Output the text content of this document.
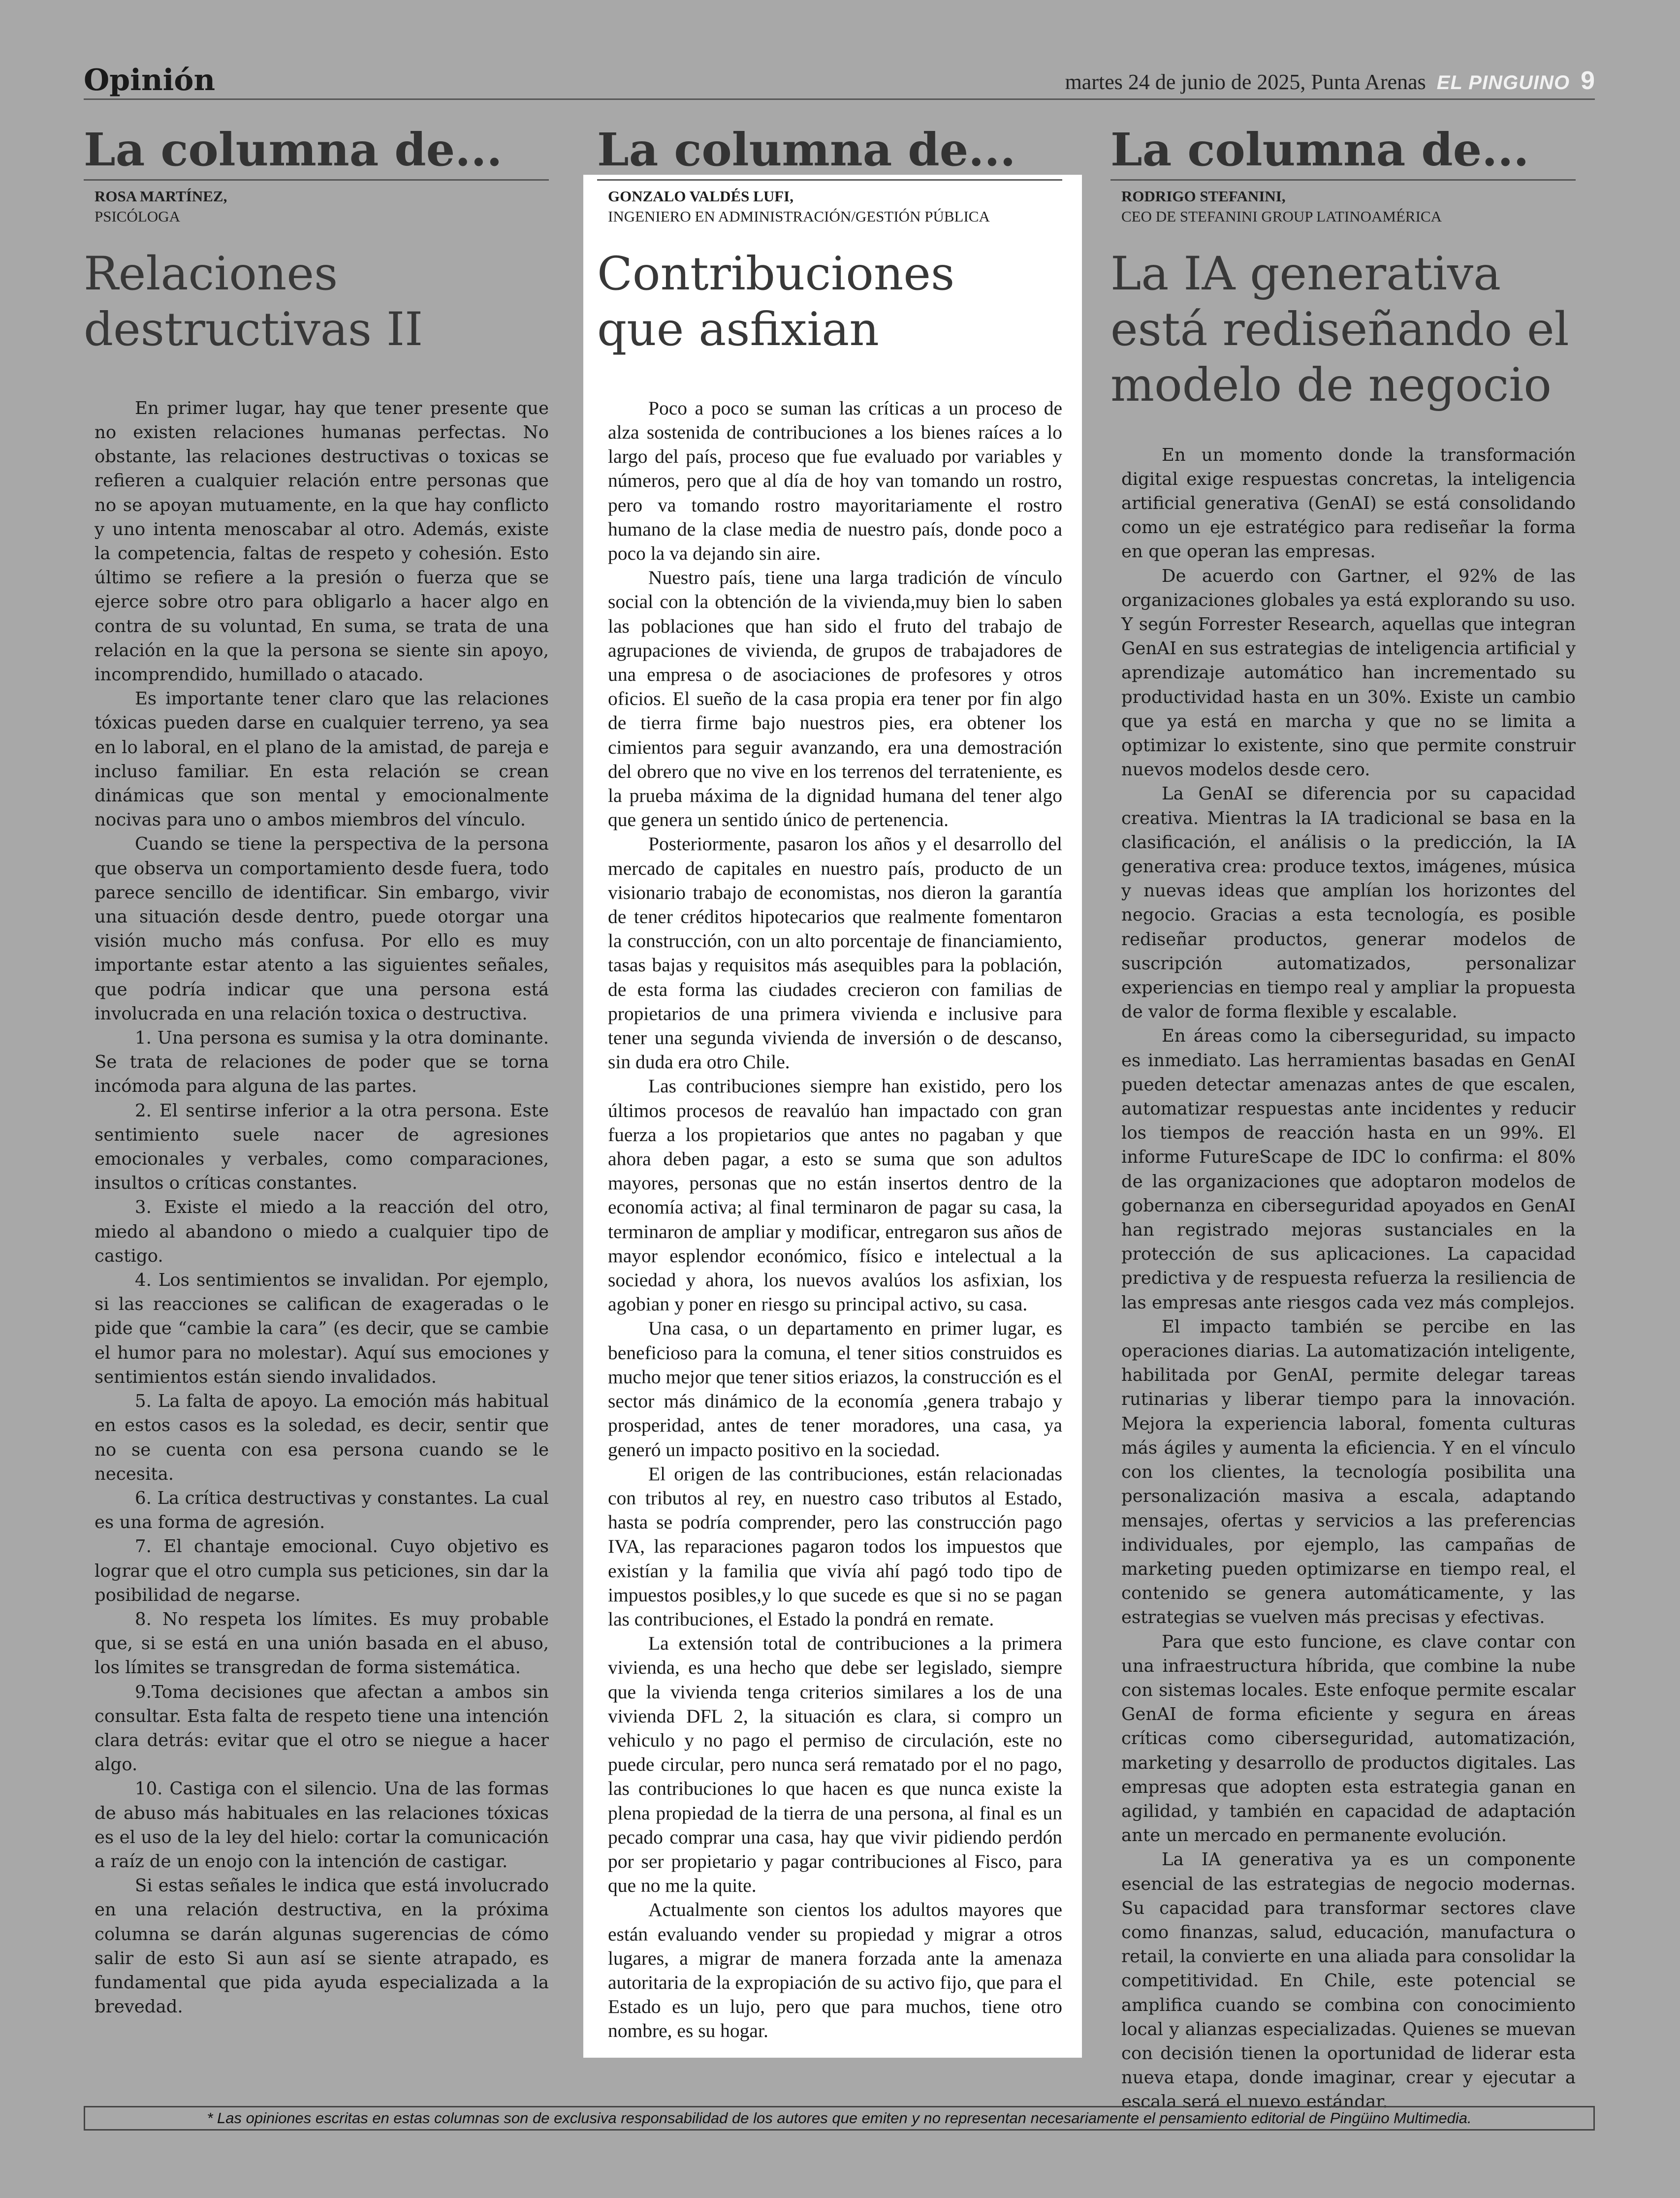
Opinión	martes 24 de junio de 2025, Punta Arenas EL PINGUINO 9
La columna de...
ROSA MARTÍNEZ,
PSICÓLOGA
Relaciones
destructivas II

En primer lugar, hay que tener presente que no existen relaciones humanas perfectas. No obstante, las relaciones destructivas o toxicas se refieren a cualquier relación entre personas que no se apoyan mutuamente, en la que hay conflicto y uno intenta menoscabar al otro. Además, existe la competencia, faltas de respeto y cohesión. Esto último se refiere a la presión o fuerza que se ejerce sobre otro para obligarlo a hacer algo en contra de su voluntad, En suma, se trata de una relación en la que la persona se siente sin apoyo, incomprendido, humillado o atacado.

Es importante tener claro que las relaciones tóxicas pueden darse en cualquier terreno, ya sea en lo laboral, en el plano de la amistad, de pareja e incluso familiar. En esta relación se crean dinámicas que son mental y emocionalmente nocivas para uno o ambos miembros del vínculo.

Cuando se tiene la perspectiva de la persona que observa un comportamiento desde fuera, todo parece sencillo de identificar. Sin embargo, vivir una situación desde dentro, puede otorgar una visión mucho más confusa. Por ello es muy importante estar atento a las siguientes señales, que podría indicar que una persona está involucrada en una relación toxica o destructiva.

1. Una persona es sumisa y la otra dominante. Se trata de relaciones de poder que se torna incómoda para alguna de las partes.

2. El sentirse inferior a la otra persona. Este sentimiento suele nacer de agresiones emocionales y verbales, como comparaciones, insultos o críticas constantes.

3. Existe el miedo a la reacción del otro, miedo al abandono o miedo a cualquier tipo de castigo.

4. Los sentimientos se invalidan. Por ejemplo, si las reacciones se califican de exageradas o le pide que “cambie la cara” (es decir, que se cambie el humor para no molestar). Aquí sus emociones y sentimientos están siendo invalidados.

5. La falta de apoyo. La emoción más habitual en estos casos es la soledad, es decir, sentir que no se cuenta con esa persona cuando se le necesita.

6. La crítica destructivas y constantes. La cual es una forma de agresión.

7. El chantaje emocional. Cuyo objetivo es lograr que el otro cumpla sus peticiones, sin dar la posibilidad de negarse.

8. No respeta los límites. Es muy probable que, si se está en una unión basada en el abuso, los límites se transgredan de forma sistemática.

9.Toma decisiones que afectan a ambos sin consultar. Esta falta de respeto tiene una intención clara detrás: evitar que el otro se niegue a hacer algo.

10. Castiga con el silencio. Una de las formas de abuso más habituales en las relaciones tóxicas es el uso de la ley del hielo: cortar la comunicación a raíz de un enojo con la intención de castigar.

Si estas señales le indica que está involucrado en una relación destructiva, en la próxima columna se darán algunas sugerencias de cómo salir de esto Si aun así se siente atrapado, es fundamental que pida ayuda especializada a la brevedad.

La columna de...
GONZALO VALDÉS LUFI,
INGENIERO EN ADMINISTRACIÓN/GESTIÓN PÚBLICA
Contribuciones
que asfixian

Poco a poco se suman las críticas a un proceso de alza sostenida de contribuciones a los bienes raíces a lo largo del país, proceso que fue evaluado por variables y números, pero que al día de hoy van tomando un rostro, pero va tomando rostro mayoritariamente el rostro humano de la clase media de nuestro país, donde poco a poco la va dejando sin aire.

Nuestro país, tiene una larga tradición de vínculo social con la obtención de la vivienda,muy bien lo saben las poblaciones que han sido el fruto del trabajo de agrupaciones de vivienda, de grupos de trabajadores de una empresa o de asociaciones de profesores y otros oficios. El sueño de la casa propia era tener por fin algo de tierra firme bajo nuestros pies, era obtener los cimientos para seguir avanzando, era una demostración del obrero que no vive en los terrenos del terrateniente, es la prueba máxima de la dignidad humana del tener algo que genera un sentido único de pertenencia.

Posteriormente, pasaron los años y el desarrollo del mercado de capitales en nuestro país, producto de un visionario trabajo de economistas, nos dieron la garantía de tener créditos hipotecarios que realmente fomentaron la construcción, con un alto porcentaje de financiamiento, tasas bajas y requisitos más asequibles para la población, de esta forma las ciudades crecieron con familias de propietarios de una primera vivienda e inclusive para tener una segunda vivienda de inversión o de descanso, sin duda era otro Chile.

Las contribuciones siempre han existido, pero los últimos procesos de reavalúo han impactado con gran fuerza a los propietarios que antes no pagaban y que ahora deben pagar, a esto se suma que son adultos mayores, personas que no están insertos dentro de la economía activa; al final terminaron de pagar su casa, la terminaron de ampliar y modificar, entregaron sus años de mayor esplendor económico, físico e intelectual a la sociedad y ahora, los nuevos avalúos los asfixian, los agobian y poner en riesgo su principal activo, su casa.

Una casa, o un departamento en primer lugar, es beneficioso para la comuna, el tener sitios construidos es mucho mejor que tener sitios eriazos, la construcción es el sector más dinámico de la economía ,genera trabajo y prosperidad, antes de tener moradores, una casa, ya generó un impacto positivo en la sociedad.

El origen de las contribuciones, están relacionadas con tributos al rey, en nuestro caso tributos al Estado, hasta se podría comprender, pero las construcción pago IVA, las reparaciones pagaron todos los impuestos que existían y la familia que vivía ahí pagó todo tipo de impuestos posibles,y lo que sucede es que si no se pagan las contribuciones, el Estado la pondrá en remate.

La extensión total de contribuciones a la primera vivienda, es una hecho que debe ser legislado, siempre que la vivienda tenga criterios similares a los de una vivienda DFL 2, la situación es clara, si compro un vehiculo y no pago el permiso de circulación, este no puede circular, pero nunca será rematado por el no pago, las contribuciones lo que hacen es que nunca existe la plena propiedad de la tierra de una persona, al final es un pecado comprar una casa, hay que vivir pidiendo perdón por ser propietario y pagar contribuciones al Fisco, para que no me la quite.

Actualmente son cientos los adultos mayores que están evaluando vender su propiedad y migrar a otros lugares, a migrar de manera forzada ante la amenaza autoritaria de la expropiación de su activo fijo, que para el Estado es un lujo, pero que para muchos, tiene otro nombre, es su hogar.

La columna de...
RODRIGO STEFANINI,
CEO DE STEFANINI GROUP LATINOAMÉRICA
La IA generativa
está rediseñando el
modelo de negocio

En un momento donde la transformación digital exige respuestas concretas, la inteligencia artificial generativa (GenAI) se está consolidando como un eje estratégico para rediseñar la forma en que operan las empresas.

De acuerdo con Gartner, el 92% de las organizaciones globales ya está explorando su uso. Y según Forrester Research, aquellas que integran GenAI en sus estrategias de inteligencia artificial y aprendizaje automático han incrementado su productividad hasta en un 30%. Existe un cambio que ya está en marcha y que no se limita a optimizar lo existente, sino que permite construir nuevos modelos desde cero.

La GenAI se diferencia por su capacidad creativa. Mientras la IA tradicional se basa en la clasificación, el análisis o la predicción, la IA generativa crea: produce textos, imágenes, música y nuevas ideas que amplían los horizontes del negocio. Gracias a esta tecnología, es posible rediseñar productos, generar modelos de suscripción automatizados, personalizar experiencias en tiempo real y ampliar la propuesta de valor de forma flexible y escalable.

En áreas como la ciberseguridad, su impacto es inmediato. Las herramientas basadas en GenAI pueden detectar amenazas antes de que escalen, automatizar respuestas ante incidentes y reducir los tiempos de reacción hasta en un 99%. El informe FutureScape de IDC lo confirma: el 80% de las organizaciones que adoptaron modelos de gobernanza en ciberseguridad apoyados en GenAI han registrado mejoras sustanciales en la protección de sus aplicaciones. La capacidad predictiva y de respuesta refuerza la resiliencia de las empresas ante riesgos cada vez más complejos.

El impacto también se percibe en las operaciones diarias. La automatización inteligente, habilitada por GenAI, permite delegar tareas rutinarias y liberar tiempo para la innovación. Mejora la experiencia laboral, fomenta culturas más ágiles y aumenta la eficiencia. Y en el vínculo con los clientes, la tecnología posibilita una personalización masiva a escala, adaptando mensajes, ofertas y servicios a las preferencias individuales, por ejemplo, las campañas de marketing pueden optimizarse en tiempo real, el contenido se genera automáticamente, y las estrategias se vuelven más precisas y efectivas.

Para que esto funcione, es clave contar con una infraestructura híbrida, que combine la nube con sistemas locales. Este enfoque permite escalar GenAI de forma eficiente y segura en áreas críticas como ciberseguridad, automatización, marketing y desarrollo de productos digitales. Las empresas que adopten esta estrategia ganan en agilidad, y también en capacidad de adaptación ante un mercado en permanente evolución.

La IA generativa ya es un componente esencial de las estrategias de negocio modernas. Su capacidad para transformar sectores clave como finanzas, salud, educación, manufactura o retail, la convierte en una aliada para consolidar la competitividad. En Chile, este potencial se amplifica cuando se combina con conocimiento local y alianzas especializadas. Quienes se muevan con decisión tienen la oportunidad de liderar esta nueva etapa, donde imaginar, crear y ejecutar a escala será el nuevo estándar.

* Las opiniones escritas en estas columnas son de exclusiva responsabilidad de los autores que emiten y no representan necesariamente el pensamiento editorial de Pingüino Multimedia.
